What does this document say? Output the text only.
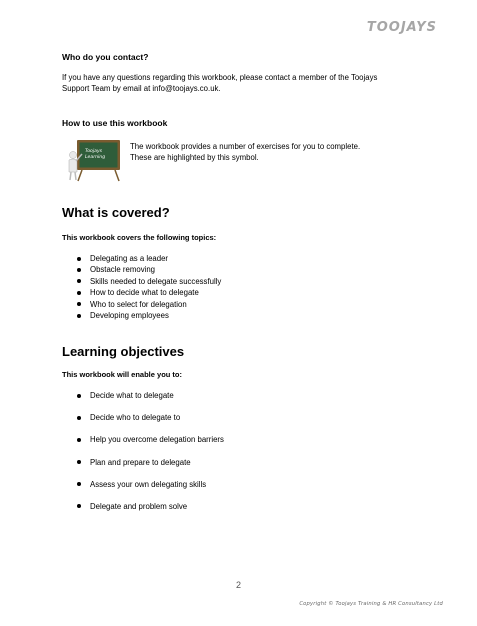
TOOJAYS
Who do you contact?
If you have any questions regarding this workbook, please contact a member of the Toojays
Support Team by email at info@toojays.co.uk.
How to use this workbook
Toojays Learning
The workbook provides a number of exercises for you to complete.
These are highlighted by this symbol.
What is covered?
This workbook covers the following topics:
Delegating as a leader
Obstacle removing
Skills needed to delegate successfully
How to decide what to delegate
Who to select for delegation
Developing employees
Learning objectives
This workbook will enable you to:
Decide what to delegate
Decide who to delegate to
Help you overcome delegation barriers
Plan and prepare to delegate
Assess your own delegating skills
Delegate and problem solve
2
Copyright © Toojays Training & HR Consultancy Ltd
